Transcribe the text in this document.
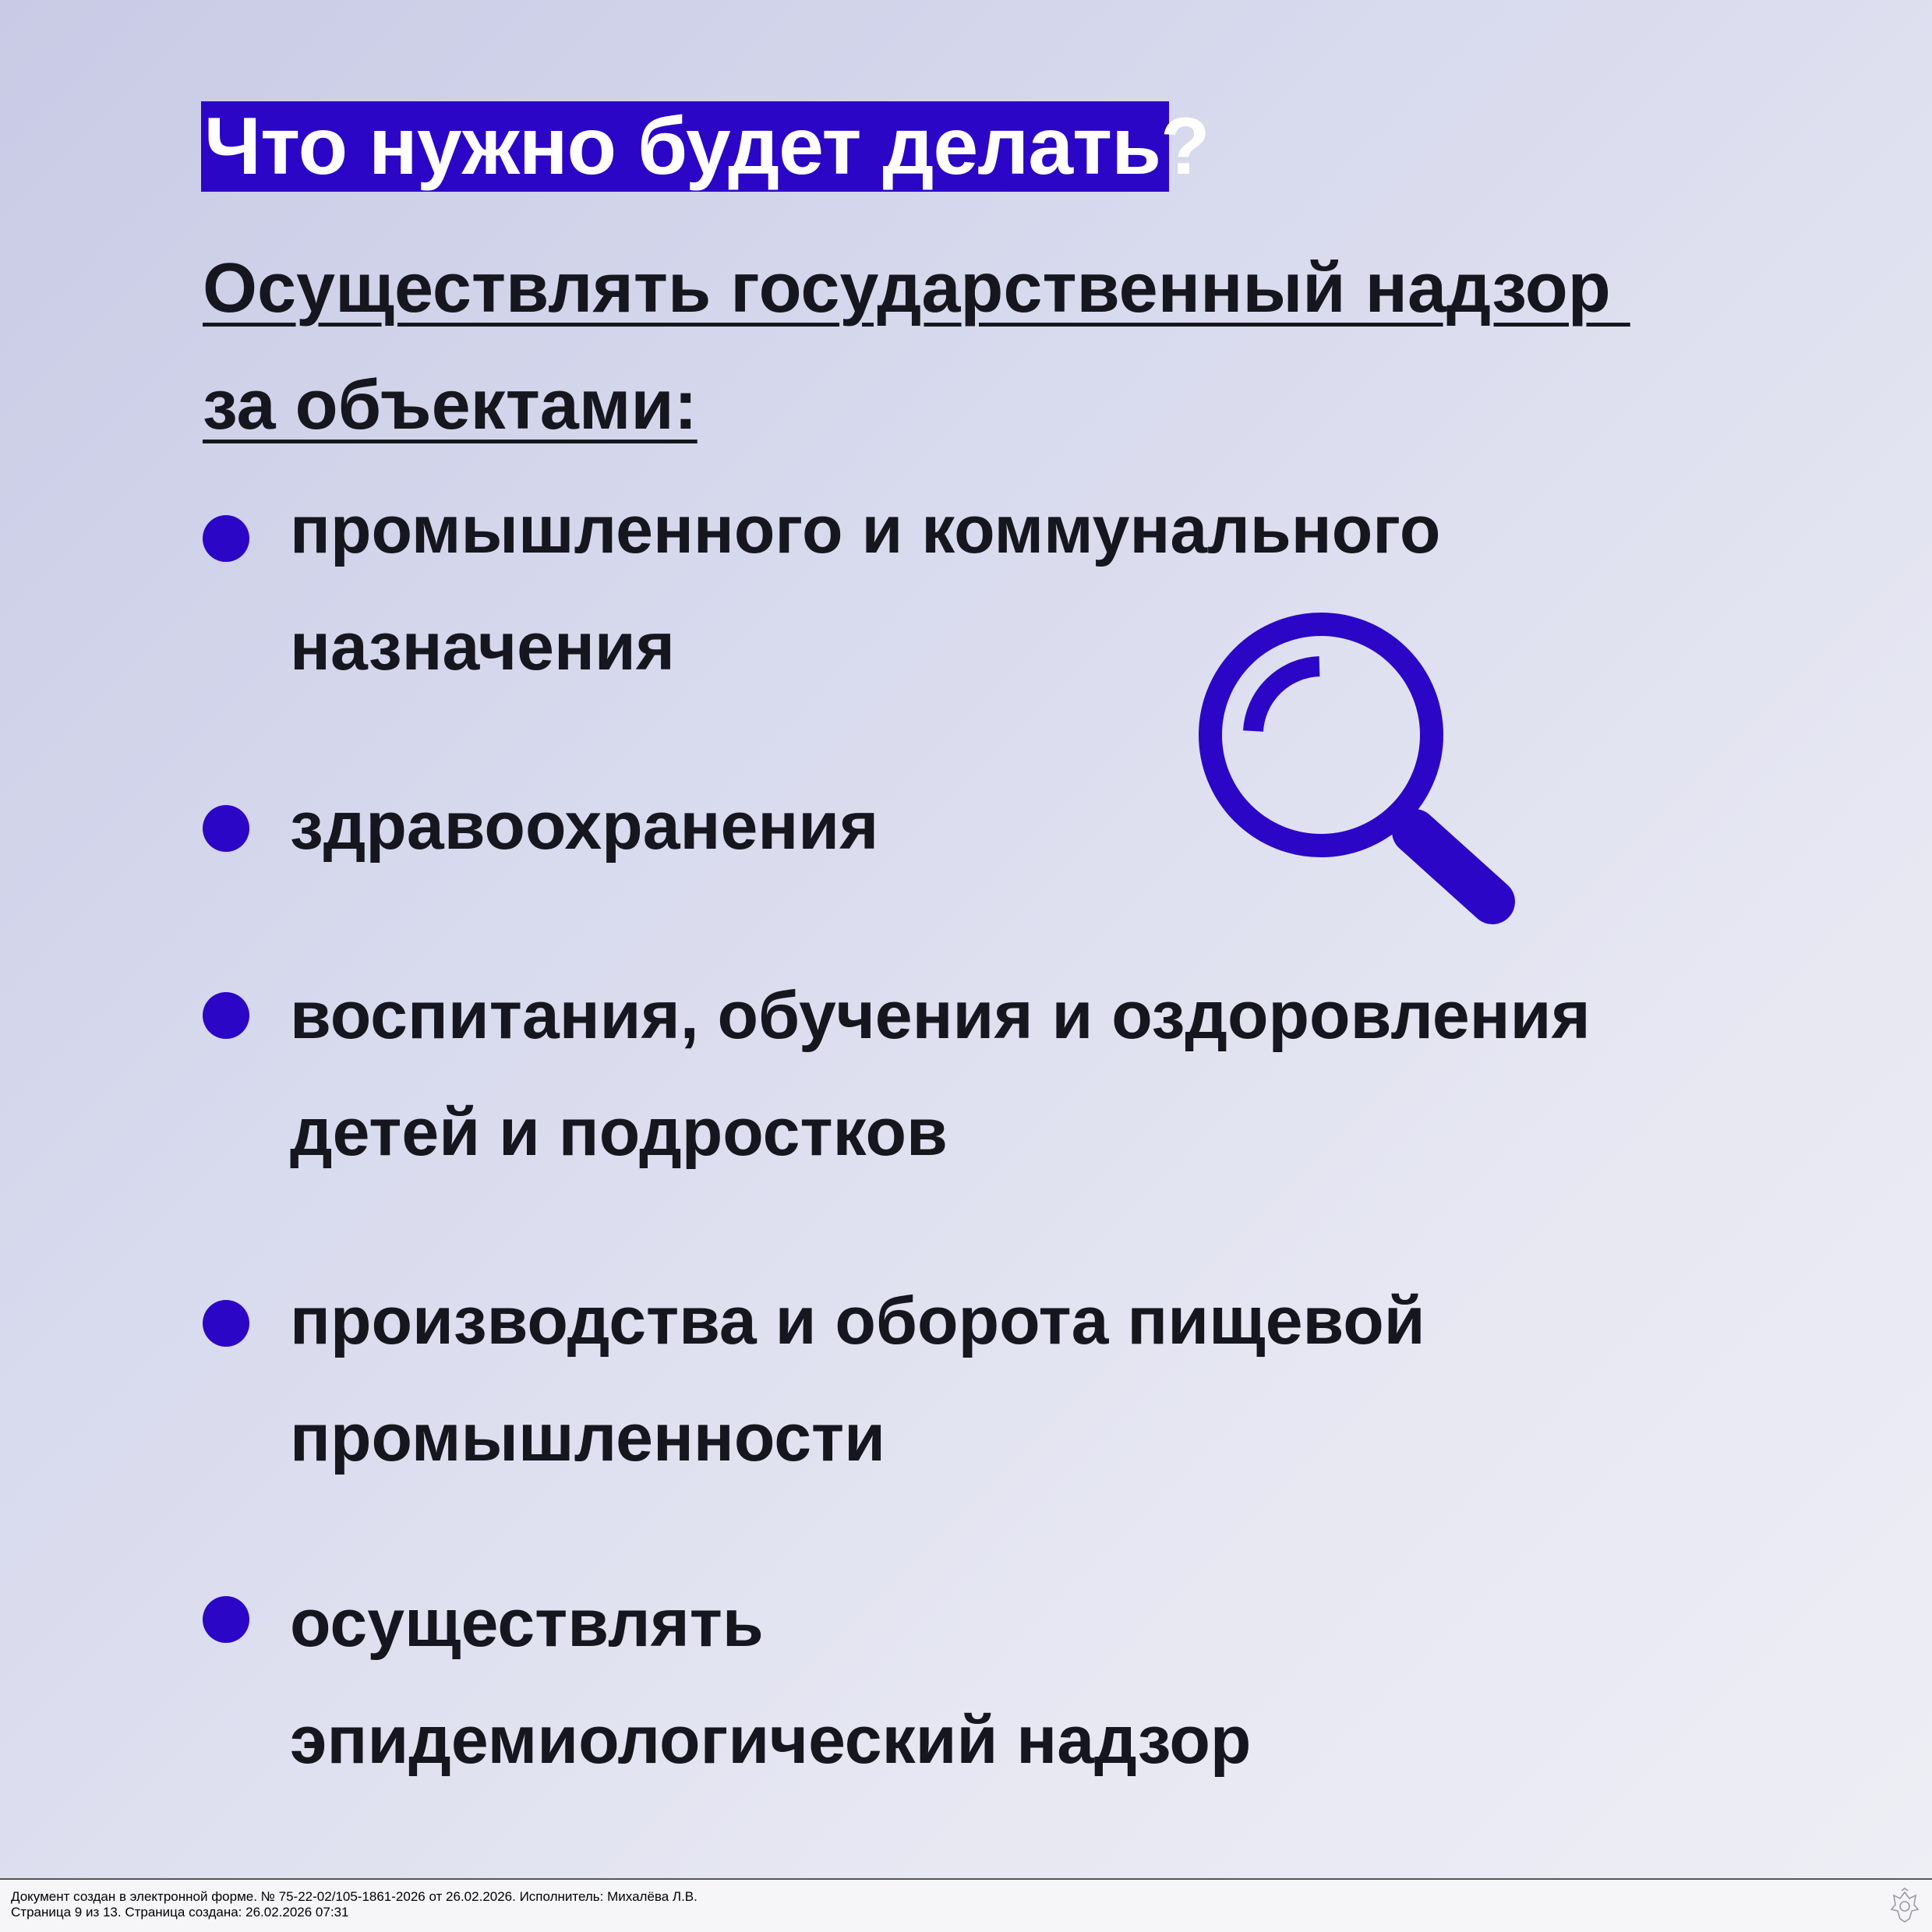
Что нужно будет делать?
Осуществлять государственный надзор
за объектами:
промышленного и коммунального
назначения
здравоохранения
воспитания, обучения и оздоровления
детей и подростков
производства и оборота пищевой
промышленности
осуществлять
эпидемиологический надзор
Документ создан в электронной форме. № 75-22-02/105-1861-2026 от 26.02.2026. Исполнитель: Михалёва Л.В.
Страница 9 из 13. Страница создана: 26.02.2026 07:31
